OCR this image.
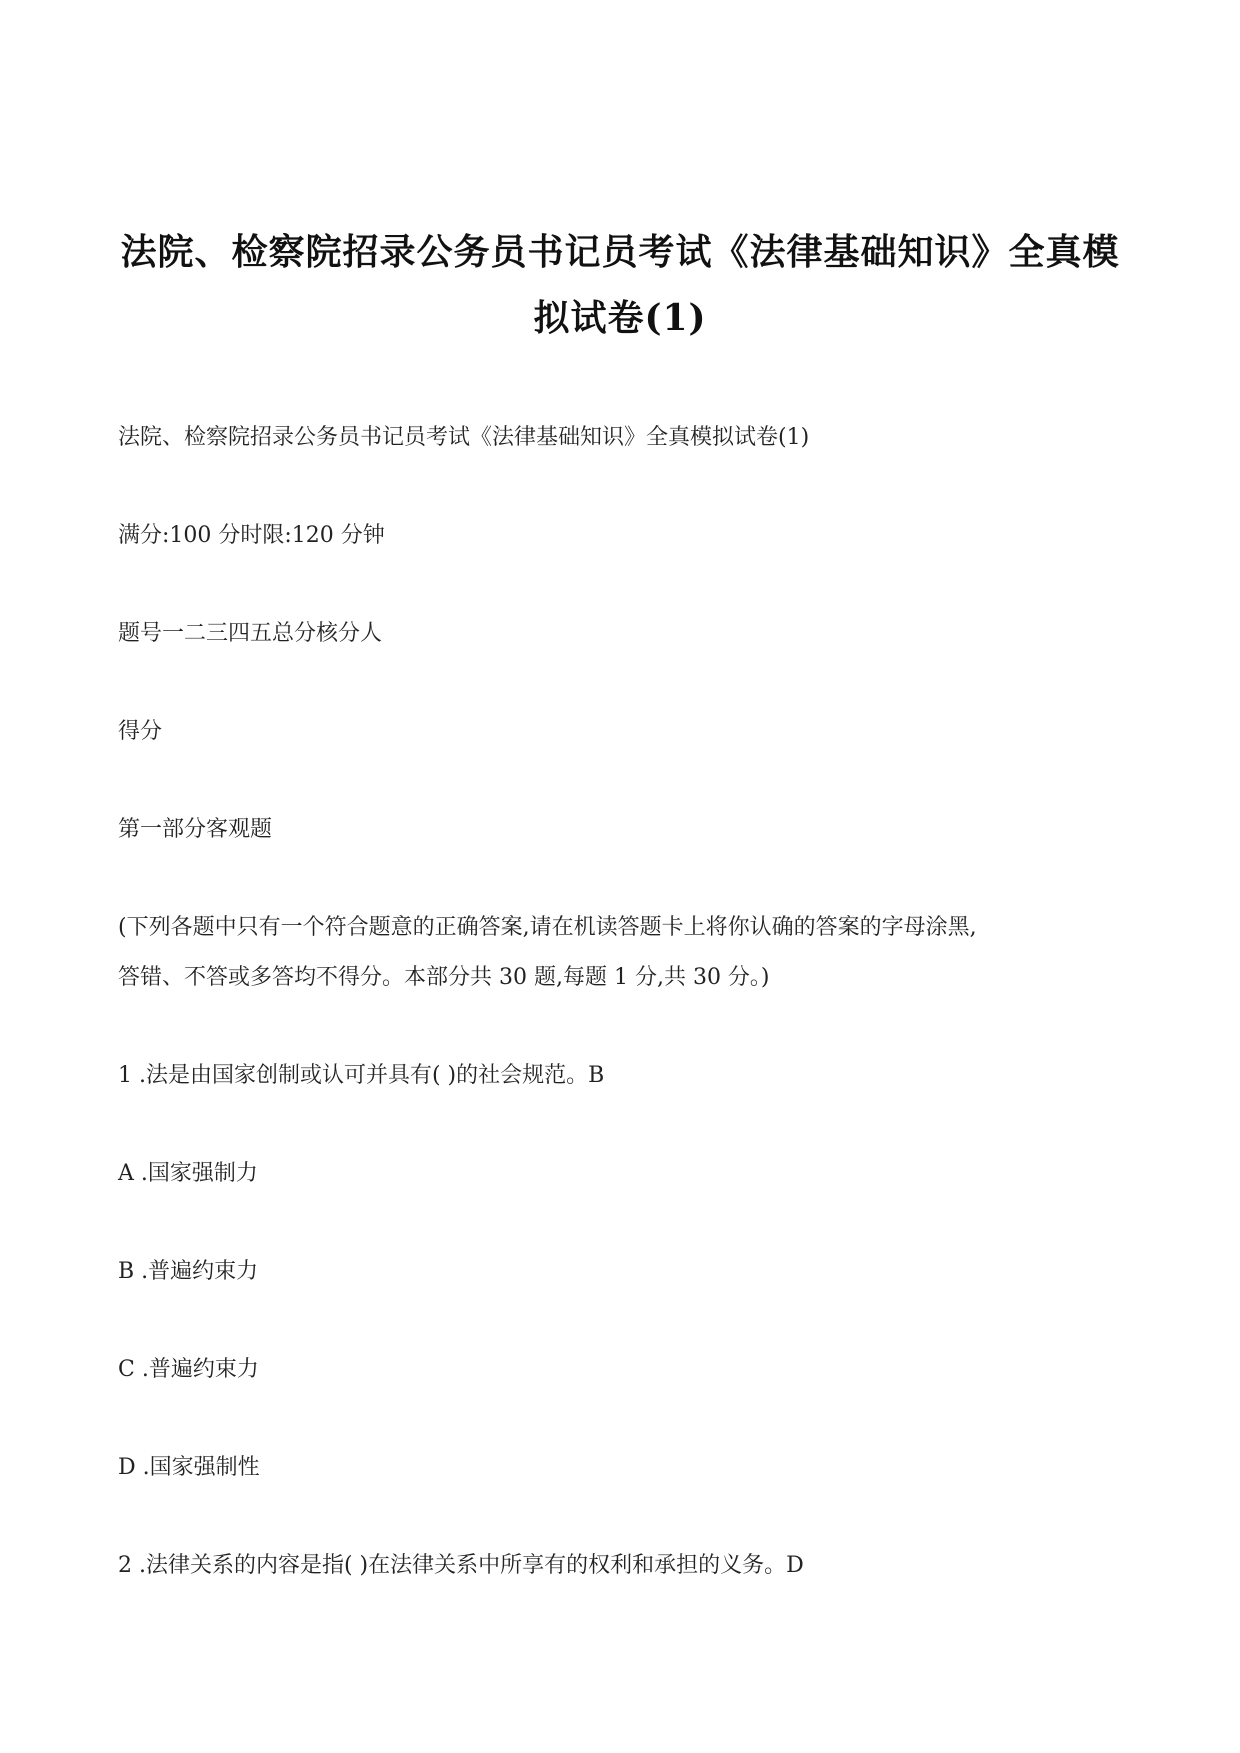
法院、检察院招录公务员书记员考试《法律基础知识》全真模
拟试卷(1)
法院、检察院招录公务员书记员考试《法律基础知识》全真模拟试卷(1)
满分:100 分时限:120 分钟
题号一二三四五总分核分人
得分
第一部分客观题
(下列各题中只有一个符合题意的正确答案,请在机读答题卡上将你认确的答案的字母涂黑,
答错、不答或多答均不得分。本部分共 30 题,每题 1 分,共 30 分。)
1 .法是由国家创制或认可并具有( )的社会规范。B
A .国家强制力
B .普遍约束力
C .普遍约束力
D .国家强制性
2 .法律关系的内容是指( )在法律关系中所享有的权利和承担的义务。D
